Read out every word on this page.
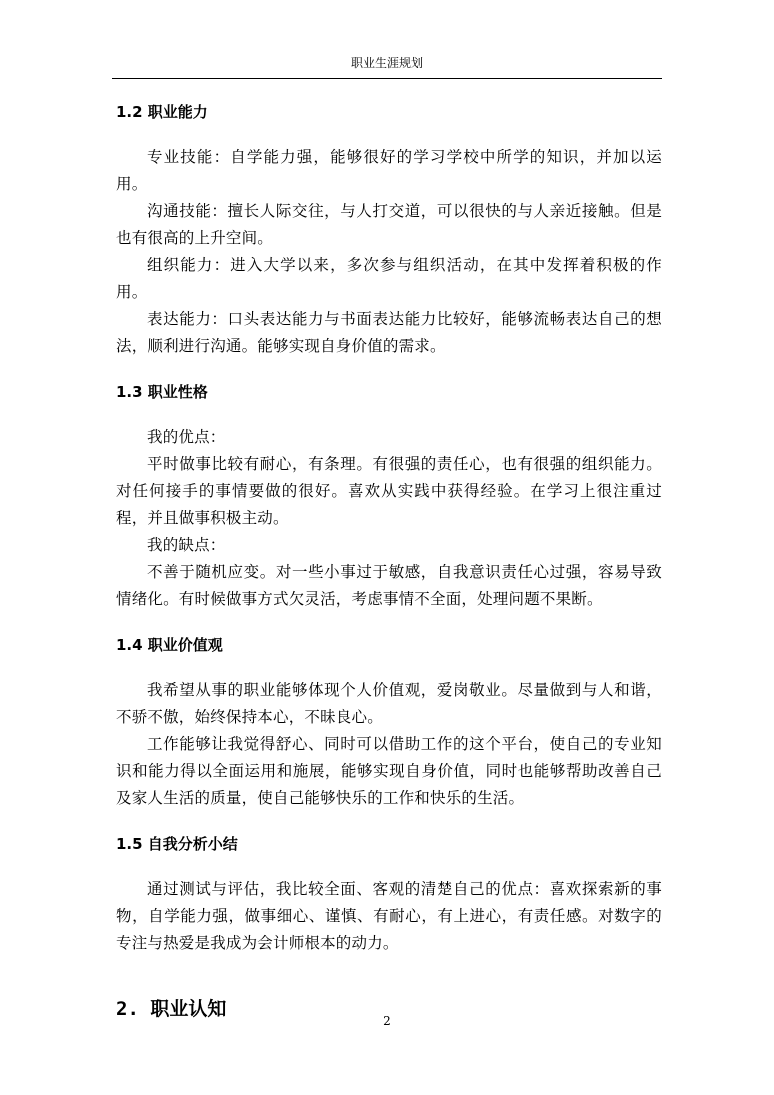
职业生涯规划
1.2 职业能力

专业技能：自学能力强，能够很好的学习学校中所学的知识，并加以运用。

沟通技能：擅长人际交往，与人打交道，可以很快的与人亲近接触。但是也有很高的上升空间。

组织能力：进入大学以来，多次参与组织活动，在其中发挥着积极的作用。

表达能力：口头表达能力与书面表达能力比较好，能够流畅表达自己的想法，顺利进行沟通。能够实现自身价值的需求。

1.3 职业性格

我的优点：

平时做事比较有耐心，有条理。有很强的责任心，也有很强的组织能力。对任何接手的事情要做的很好。喜欢从实践中获得经验。在学习上很注重过程，并且做事积极主动。

我的缺点：

不善于随机应变。对一些小事过于敏感，自我意识责任心过强，容易导致情绪化。有时候做事方式欠灵活，考虑事情不全面，处理问题不果断。

1.4 职业价值观

我希望从事的职业能够体现个人价值观，爱岗敬业。尽量做到与人和谐，不骄不傲，始终保持本心，不昧良心。

工作能够让我觉得舒心、同时可以借助工作的这个平台，使自己的专业知识和能力得以全面运用和施展，能够实现自身价值，同时也能够帮助改善自己及家人生活的质量，使自己能够快乐的工作和快乐的生活。

1.5 自我分析小结

通过测试与评估，我比较全面、客观的清楚自己的优点：喜欢探索新的事物，自学能力强，做事细心、谨慎、有耐心，有上进心，有责任感。对数字的专注与热爱是我成为会计师根本的动力。

2. 职业认知
2
